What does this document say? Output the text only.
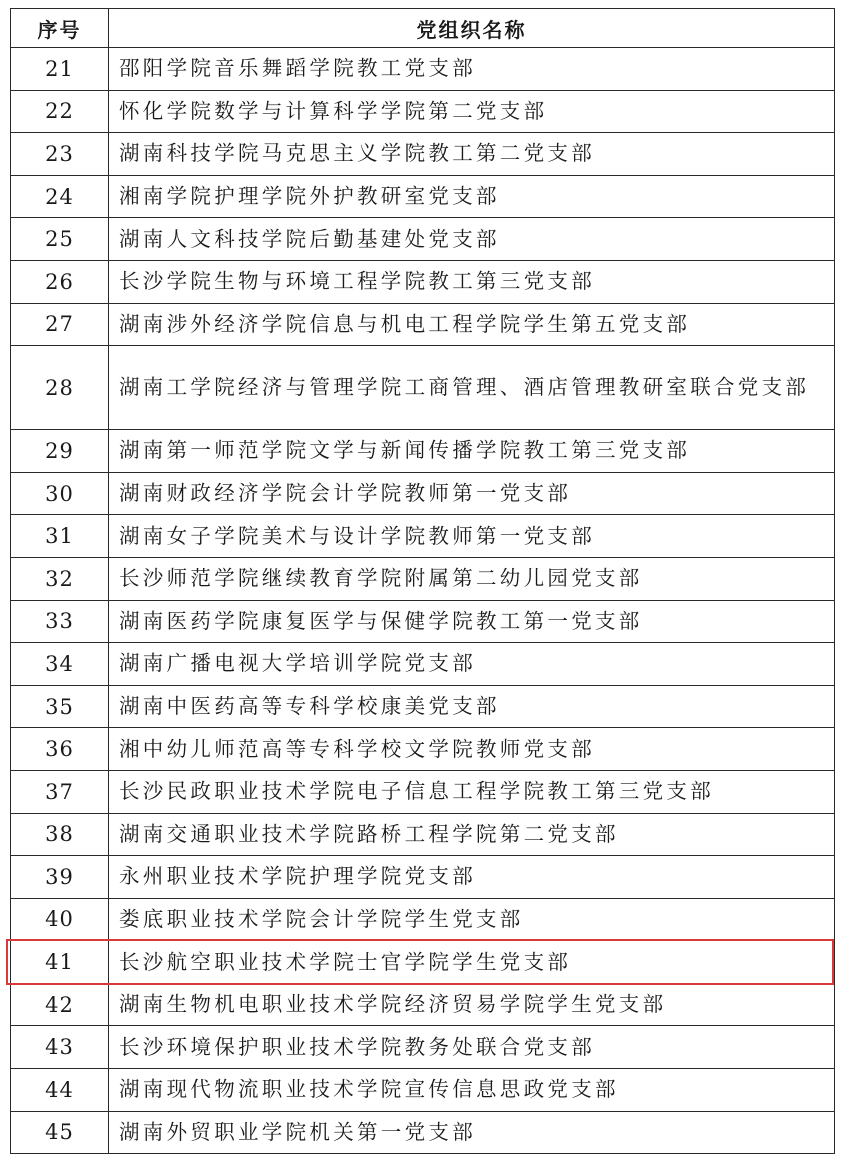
序号	党组织名称
21	邵阳学院音乐舞蹈学院教工党支部
22	怀化学院数学与计算科学学院第二党支部
23	湖南科技学院马克思主义学院教工第二党支部
24	湘南学院护理学院外护教研室党支部
25	湖南人文科技学院后勤基建处党支部
26	长沙学院生物与环境工程学院教工第三党支部
27	湖南涉外经济学院信息与机电工程学院学生第五党支部
28	湖南工学院经济与管理学院工商管理、酒店管理教研室联合党支部
29	湖南第一师范学院文学与新闻传播学院教工第三党支部
30	湖南财政经济学院会计学院教师第一党支部
31	湖南女子学院美术与设计学院教师第一党支部
32	长沙师范学院继续教育学院附属第二幼儿园党支部
33	湖南医药学院康复医学与保健学院教工第一党支部
34	湖南广播电视大学培训学院党支部
35	湖南中医药高等专科学校康美党支部
36	湘中幼儿师范高等专科学校文学院教师党支部
37	长沙民政职业技术学院电子信息工程学院教工第三党支部
38	湖南交通职业技术学院路桥工程学院第二党支部
39	永州职业技术学院护理学院党支部
40	娄底职业技术学院会计学院学生党支部
41	长沙航空职业技术学院士官学院学生党支部
42	湖南生物机电职业技术学院经济贸易学院学生党支部
43	长沙环境保护职业技术学院教务处联合党支部
44	湖南现代物流职业技术学院宣传信息思政党支部
45	湖南外贸职业学院机关第一党支部
